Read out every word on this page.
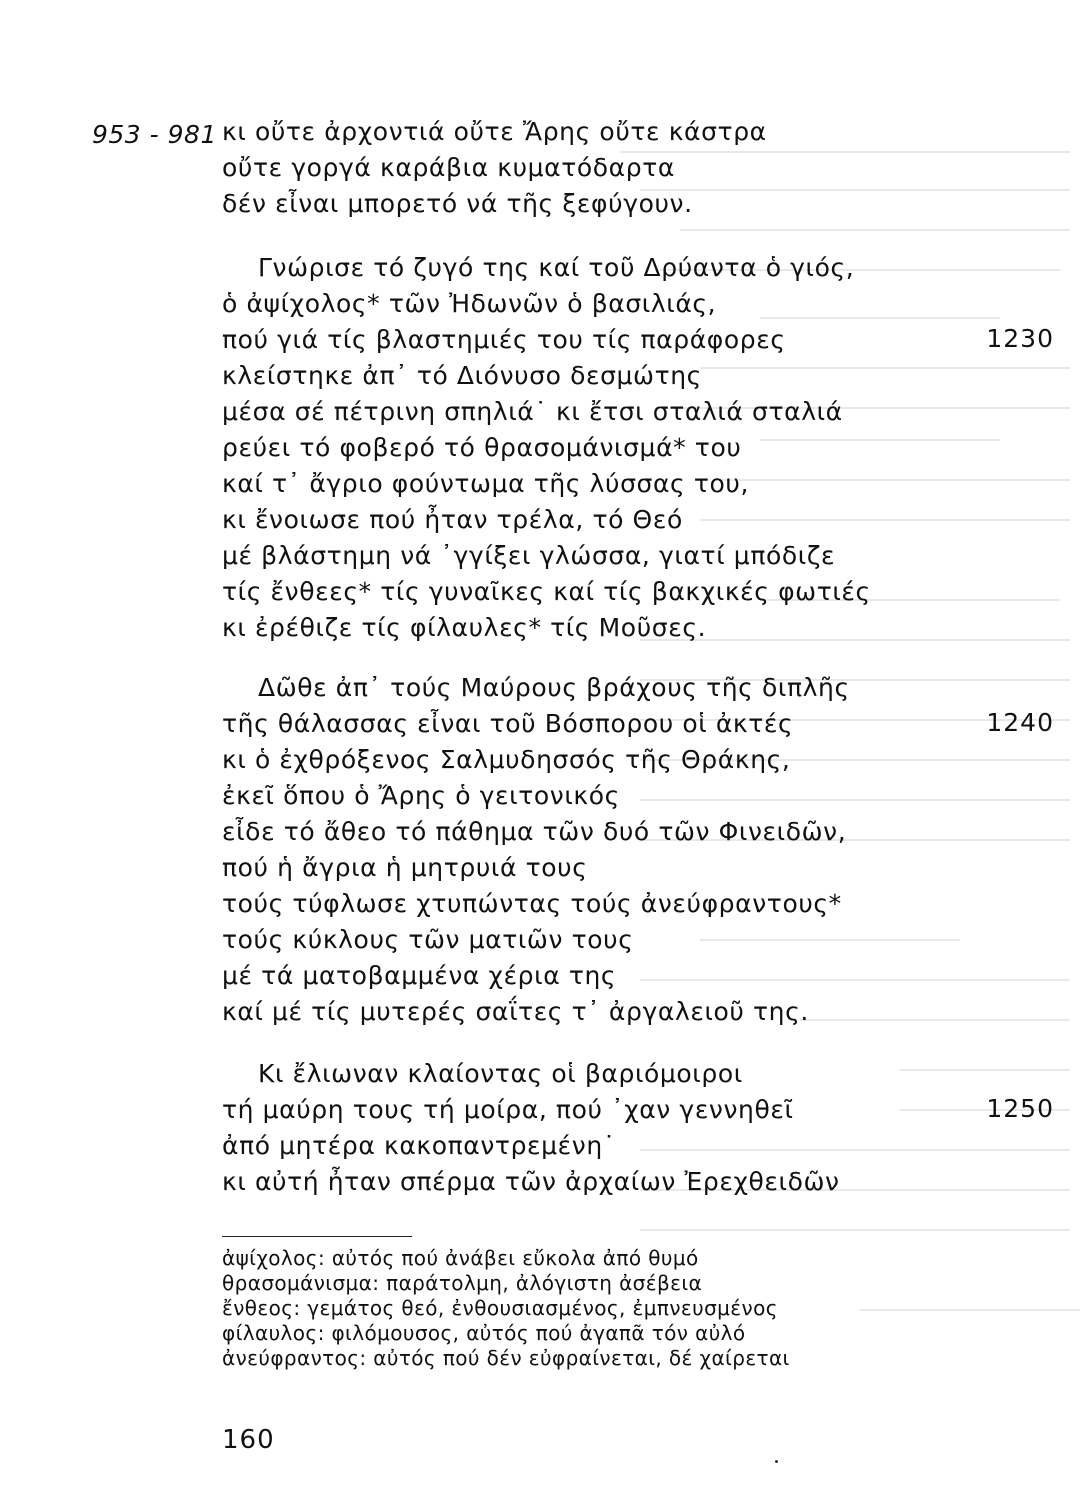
953 - 981 κι οὔτε ἀρχοντιά οὔτε Ἄρης οὔτε κάστρα
οὔτε γοργά καράβια κυματόδαρτα
δέν εἶναι μπορετό νά τῆς ξεφύγουν.
Γνώρισε τό ζυγό της καί τοῦ Δρύαντα ὁ γιός,
ὁ ἀψίχολος* τῶν Ἠδωνῶν ὁ βασιλιάς,
πού γιά τίς βλαστημιές του τίς παράφορες	1230
κλείστηκε ἀπ᾽ τό Διόνυσο δεσμώτης
μέσα σέ πέτρινη σπηλιά˙ κι ἔτσι σταλιά σταλιά
ρεύει τό φοβερό τό θρασομάνισμά* του
καί τ᾽ ἄγριο φούντωμα τῆς λύσσας του,
κι ἔνοιωσε πού ἦταν τρέλα, τό Θεό
μέ βλάστημη νά ᾽γγίξει γλώσσα, γιατί μπόδιζε
τίς ἔνθεες* τίς γυναῖκες καί τίς βακχικές φωτιές
κι ἐρέθιζε τίς φίλαυλες* τίς Μοῦσες.
Δῶθε ἀπ᾽ τούς Μαύρους βράχους τῆς διπλῆς
τῆς θάλασσας εἶναι τοῦ Βόσπορου οἱ ἀκτές	1240
κι ὁ ἐχθρόξενος Σαλμυδησσός τῆς Θράκης,
ἐκεῖ ὅπου ὁ Ἄρης ὁ γειτονικός
εἶδε τό ἄθεο τό πάθημα τῶν δυό τῶν Φινειδῶν,
πού ἡ ἄγρια ἡ μητρυιά τους
τούς τύφλωσε χτυπώντας τούς ἀνεύφραντους*
τούς κύκλους τῶν ματιῶν τους
μέ τά ματοβαμμένα χέρια της
καί μέ τίς μυτερές σαΐτες τ᾽ ἀργαλειοῦ της.
Κι ἔλιωναν κλαίοντας οἱ βαριόμοιροι
τή μαύρη τους τή μοίρα, πού ᾽χαν γεννηθεῖ	1250
ἀπό μητέρα κακοπαντρεμένη˙
κι αὐτή ἦταν σπέρμα τῶν ἀρχαίων Ἐρεχθειδῶν
ἀψίχολος: αὐτός πού ἀνάβει εὔκολα ἀπό θυμό
θρασομάνισμα: παράτολμη, ἀλόγιστη ἀσέβεια
ἔνθεος: γεμάτος θεό, ἐνθουσιασμένος, ἐμπνευσμένος
φίλαυλος: φιλόμουσος, αὐτός πού ἀγαπᾶ τόν αὐλό
ἀνεύφραντος: αὐτός πού δέν εὐφραίνεται, δέ χαίρεται
160
